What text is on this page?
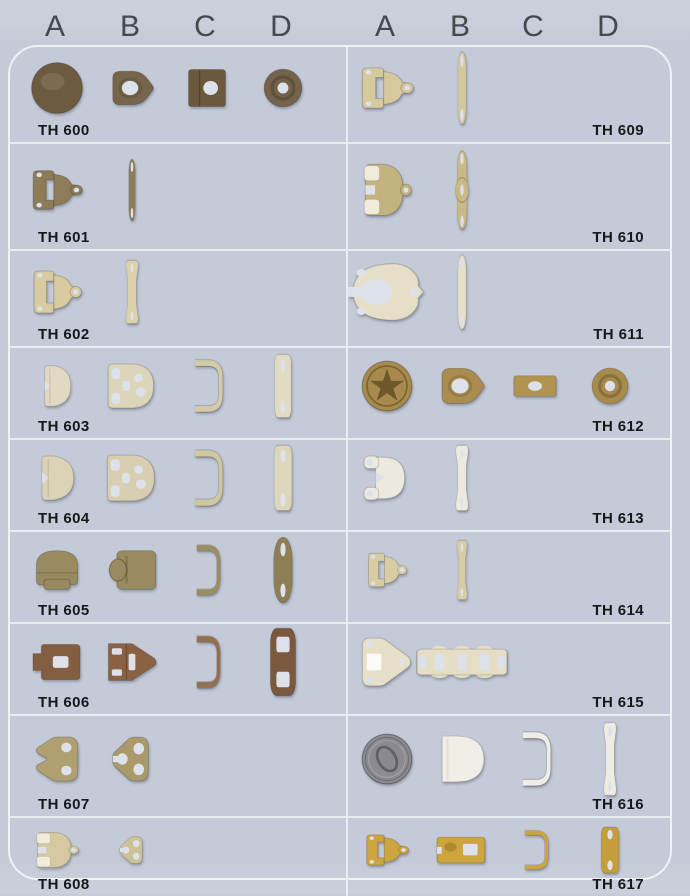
A B C D	A B C D
TH 600	TH 609
TH 601	TH 610
TH 602	TH 611
TH 603	TH 612
TH 604	TH 613
TH 605	TH 614
TH 606	TH 615
TH 607	TH 616
TH 608	TH 617
